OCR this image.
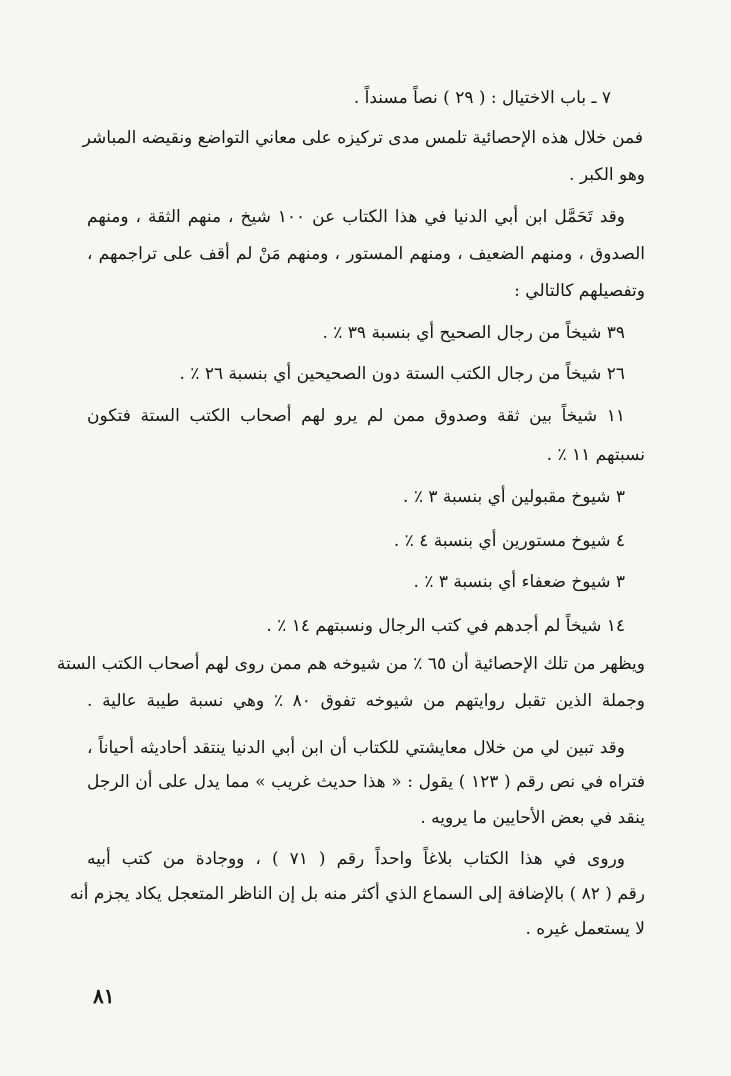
٧ ـ باب الاختيال : ( ٢٩ ) نصاً مسنداً .
فمن خلال هذه الإحصائية تلمس مدى تركيزه على معاني التواضع ونقيضه المباشر
وهو الكبر .
وقد تَحَمَّل ابن أبي الدنيا في هذا الكتاب عن ١٠٠ شيخ ، منهم الثقة ، ومنهم
الصدوق ، ومنهم الضعيف ، ومنهم المستور ، ومنهم مَنْ لم أقف على تراجمهم ،
وتفصيلهم كالتالي :
٣٩ شيخاً من رجال الصحيح أي بنسبة ٣٩ ٪ .
٢٦ شيخاً من رجال الكتب الستة دون الصحيحين أي بنسبة ٢٦ ٪ .
١١ شيخاً بين ثقة وصدوق ممن لم يرو لهم أصحاب الكتب الستة فتكون
نسبتهم ١١ ٪ .
٣ شيوخ مقبولين أي بنسبة ٣ ٪ .
٤ شيوخ مستورين أي بنسبة ٤ ٪ .
٣ شيوخ ضعفاء أي بنسبة ٣ ٪ .
١٤ شيخاً لم أجدهم في كتب الرجال ونسبتهم ١٤ ٪ .
ويظهر من تلك الإحصائية أن ٦٥ ٪ من شيوخه هم ممن روى لهم أصحاب الكتب الستة
وجملة الذين تقبل روايتهم من شيوخه تفوق ٨٠ ٪ وهي نسبة طيبة عالية .
وقد تبين لي من خلال معايشتي للكتاب أن ابن أبي الدنيا ينتقد أحاديثه أحياناً ،
فتراه في نص رقم ( ١٢٣ ) يقول : « هذا حديث غريب » مما يدل على أن الرجل
ينقد في بعض الأحايين ما يرويه .
وروى في هذا الكتاب بلاغاً واحداً رقم ( ٧١ ) ، ووجادة من كتب أبيه
رقم ( ٨٢ ) بالإضافة إلى السماع الذي أكثر منه بل إن الناظر المتعجل يكاد يجزم أنه
لا يستعمل غيره .
٨١
